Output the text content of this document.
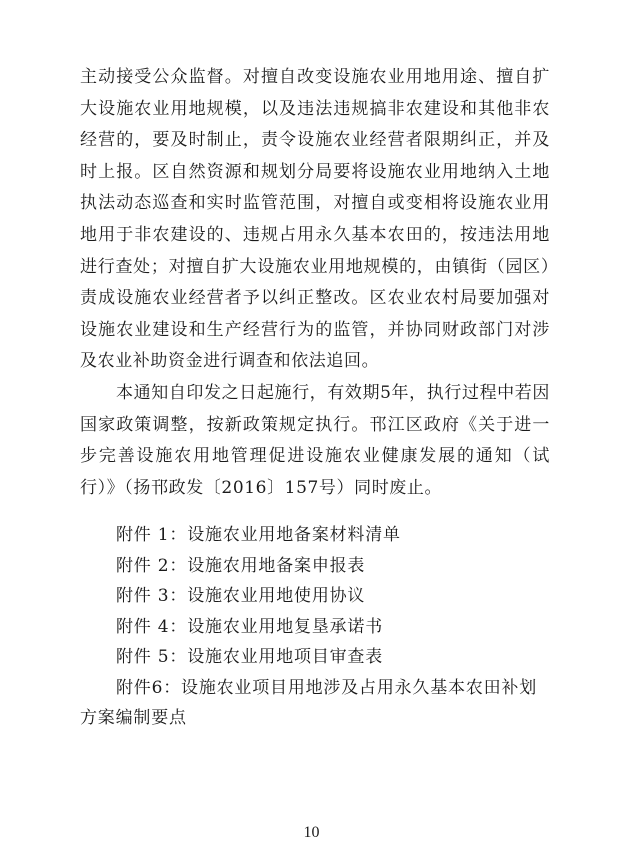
主动接受公众监督。对擅自改变设施农业用地用途、擅自扩大设施农业用地规模，以及违法违规搞非农建设和其他非农经营的，要及时制止，责令设施农业经营者限期纠正，并及时上报。区自然资源和规划分局要将设施农业用地纳入土地执法动态巡查和实时监管范围，对擅自或变相将设施农业用地用于非农建设的、违规占用永久基本农田的，按违法用地进行查处；对擅自扩大设施农业用地规模的，由镇街（园区）责成设施农业经营者予以纠正整改。区农业农村局要加强对设施农业建设和生产经营行为的监管，并协同财政部门对涉及农业补助资金进行调查和依法追回。

本通知自印发之日起施行，有效期5年，执行过程中若因国家政策调整，按新政策规定执行。邗江区政府《关于进一步完善设施农用地管理促进设施农业健康发展的通知（试行）》（扬邗政发〔2016〕157号）同时废止。

附件 1：设施农业用地备案材料清单
附件 2：设施农用地备案申报表
附件 3：设施农业用地使用协议
附件 4：设施农业用地复垦承诺书
附件 5：设施农业用地项目审查表
附件6：设施农业项目用地涉及占用永久基本农田补划方案编制要点
10
